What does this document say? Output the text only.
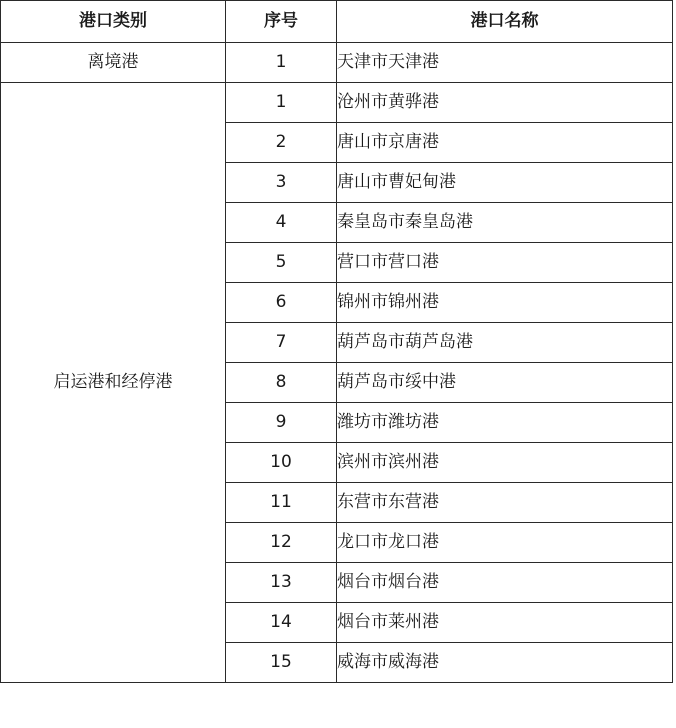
港口类别	序号	港口名称
离境港	1	天津市天津港
启运港和经停港	1	沧州市黄骅港
	2	唐山市京唐港
	3	唐山市曹妃甸港
	4	秦皇岛市秦皇岛港
	5	营口市营口港
	6	锦州市锦州港
	7	葫芦岛市葫芦岛港
	8	葫芦岛市绥中港
	9	潍坊市潍坊港
	10	滨州市滨州港
	11	东营市东营港
	12	龙口市龙口港
	13	烟台市烟台港
	14	烟台市莱州港
	15	威海市威海港
